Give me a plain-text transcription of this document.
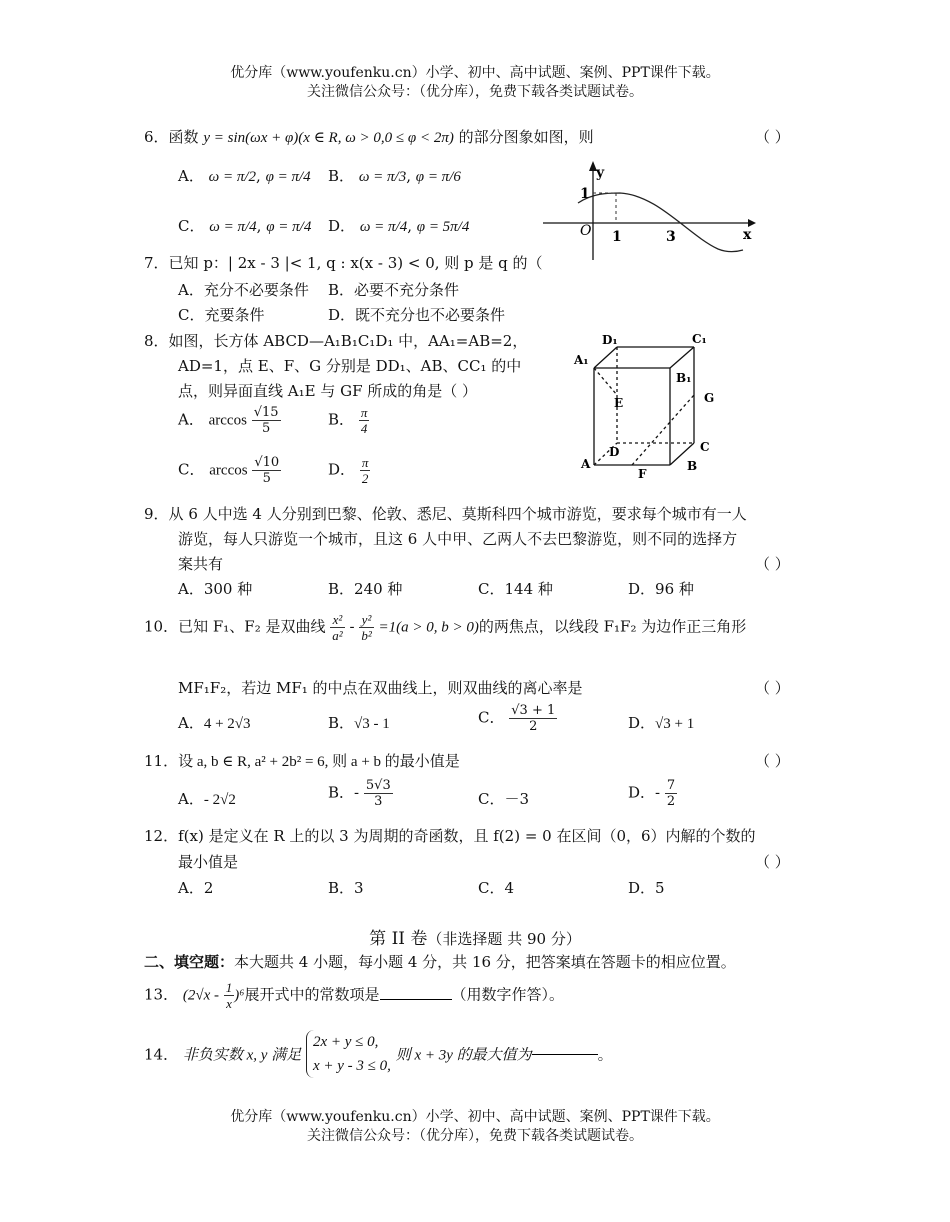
优分库（www.youfenku.cn）小学、初中、高中试题、案例、PPT课件下载。
关注微信公众号：（优分库），免费下载各类试题试卷。
6．函数 y = sin(ωx + φ)(x ∈ R, ω > 0,0 ≤ φ < 2π) 的部分图象如图，则	（ ）
A． ω = π/2, φ = π/4 B． ω = π/3, φ = π/6
C． ω = π/4, φ = π/4 D． ω = π/4, φ = 5π/4
y
x
O
1
1	3
7．已知 p：| 2x - 3 |< 1, q : x(x - 3) < 0, 则 p 是 q 的（
A．充分不必要条件 B．必要不充分条件
C．充要条件	D．既不充分也不必要条件
8．如图，长方体 ABCD—A₁B₁C₁D₁ 中，AA₁=AB=2，
AD=1，点 E、F、G 分别是 DD₁、AB、CC₁ 的中
点，则异面直线 A₁E 与 GF 所成的角是（ ）
A． $\arccos \frac{√15}{5}$	B． $\frac{\pi}{4}$
C． $\arccos \frac{√10}{5}$	D． $\frac{\pi}{2}$
D₁	C₁
A₁
B₁
E	G
D	C
A	B
F
9．从 6 人中选 4 人分别到巴黎、伦敦、悉尼、莫斯科四个城市游览，要求每个城市有一人
游览，每人只游览一个城市，且这 6 人中甲、乙两人不去巴黎游览，则不同的选择方
案共有	（ ）
A．300 种	B．240 种	C．144 种	D．96 种
10．已知 F₁、F₂ 是双曲线 $\frac{\text{x²}}{\text{a²}} - \frac{\text{y²}}{\text{b²}} =1(a > 0$, b > 0)的两焦点，以线段 F₁F₂ 为边作正三角形
MF₁F₂，若边 MF₁ 的中点在双曲线上，则双曲线的离心率是	（ ）
A．4 + 2√3	B．√3 - 1	C． $\frac{√3 + 1}{2}$	D．√3 + 1
11．设 a, b ∈ R, a² + 2b² = 6, 则 a + b 的最小值是	（ ）
A．- 2√2	B．- $\frac{5√3}{3}$	C．－3	D．- $\frac{7}{2}$
12．f(x) 是定义在 R 上的以 3 为周期的奇函数，且 f(2) = 0 在区间（0，6）内解的个数的
最小值是	（ ）
A．2	B．3	C．4	D．5
第 II 卷（非选择题 共 90 分）
二、填空题：本大题共 4 小题，每小题 4 分，共 16 分，把答案填在答题卡的相应位置。
13． $(2√x - \frac{1}{x} )^6$展开式中的常数项是	（用数字作答）。
14． 非负实数 x, y 满足
2x + y ≤ 0,
x + y - 3 ≤ 0,
则 x + 3y 的最大值为	。
优分库（www.youfenku.cn）小学、初中、高中试题、案例、PPT课件下载。
关注微信公众号：（优分库），免费下载各类试题试卷。
